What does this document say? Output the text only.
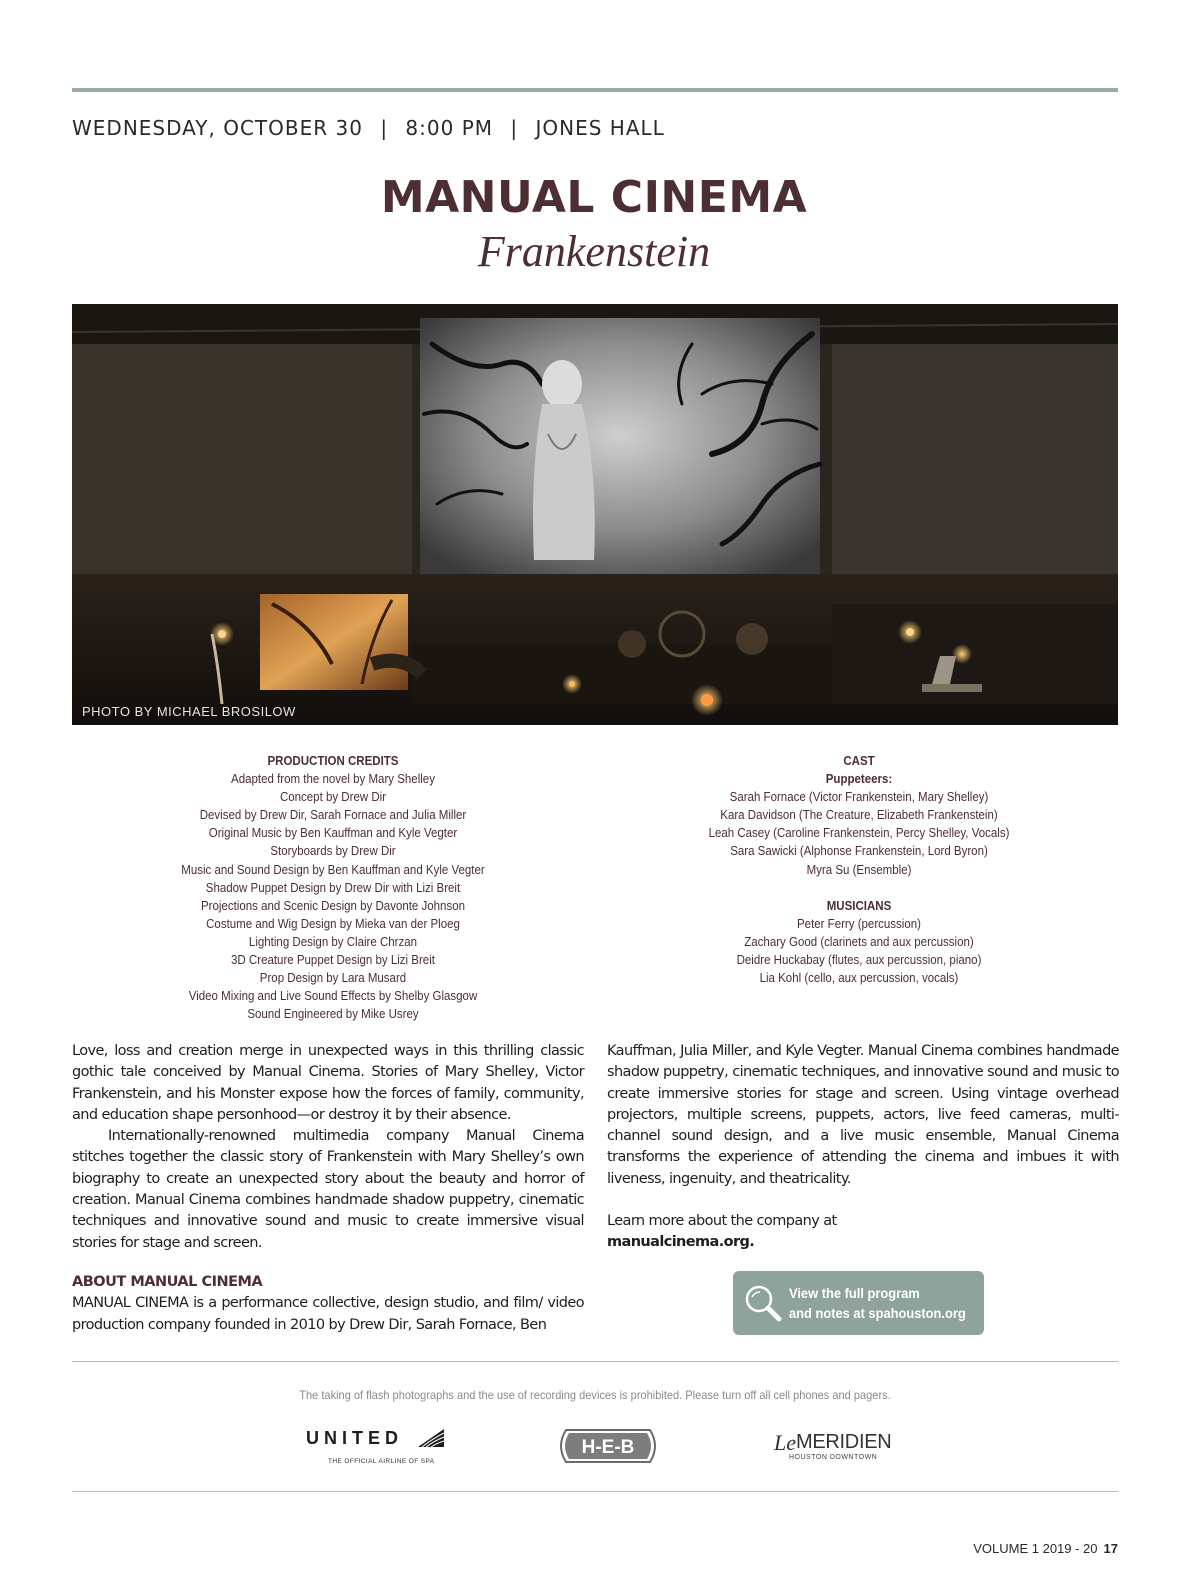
WEDNESDAY, OCTOBER 30 | 8:00 PM | JONES HALL
MANUAL CINEMA
Frankenstein
PHOTO BY MICHAEL BROSILOW
PRODUCTION CREDITS
Adapted from the novel by Mary Shelley
Concept by Drew Dir
Devised by Drew Dir, Sarah Fornace and Julia Miller
Original Music by Ben Kauffman and Kyle Vegter
Storyboards by Drew Dir
Music and Sound Design by Ben Kauffman and Kyle Vegter
Shadow Puppet Design by Drew Dir with Lizi Breit
Projections and Scenic Design by Davonte Johnson
Costume and Wig Design by Mieka van der Ploeg
Lighting Design by Claire Chrzan
3D Creature Puppet Design by Lizi Breit
Prop Design by Lara Musard
Video Mixing and Live Sound Effects by Shelby Glasgow
Sound Engineered by Mike Usrey
CAST
Puppeteers:
Sarah Fornace (Victor Frankenstein, Mary Shelley)
Kara Davidson (The Creature, Elizabeth Frankenstein)
Leah Casey (Caroline Frankenstein, Percy Shelley, Vocals)
Sara Sawicki (Alphonse Frankenstein, Lord Byron)
Myra Su (Ensemble)
MUSICIANS
Peter Ferry (percussion)
Zachary Good (clarinets and aux percussion)
Deidre Huckabay (flutes, aux percussion, piano)
Lia Kohl (cello, aux percussion, vocals)

Love, loss and creation merge in unexpected ways in this thrilling classic gothic tale conceived by Manual Cinema. Stories of Mary Shelley, Victor Frankenstein, and his Monster expose how the forces of family, community, and education shape personhood—or destroy it by their absence.

Internationally-renowned multimedia company Manual Cinema stitches together the classic story of Frankenstein with Mary Shelley’s own biography to create an unexpected story about the beauty and horror of creation. Manual Cinema combines handmade shadow puppetry, cinematic techniques and innovative sound and music to create immersive visual stories for stage and screen.

ABOUT MANUAL CINEMA

MANUAL CINEMA is a performance collective, design studio, and film/ video production company founded in 2010 by Drew Dir, Sarah Fornace, Ben

Kauffman, Julia Miller, and Kyle Vegter. Manual Cinema combines handmade shadow puppetry, cinematic techniques, and innovative sound and music to create immersive stories for stage and screen. Using vintage overhead projectors, multiple screens, puppets, actors, live feed cameras, multi-channel sound design, and a live music ensemble, Manual Cinema transforms the experience of attending the cinema and imbues it with liveness, ingenuity, and theatricality.

Learn more about the company at

manualcinema.org.

View the full program
and notes at spahouston.org
The taking of flash photographs and the use of recording devices is prohibited. Please turn off all cell phones and pagers.
UNITED
THE OFFICIAL AIRLINE OF SPA
H-E-B	Le MERIDIEN
HOUSTON DOWNTOWN
VOLUME 1 2019 - 20 17
